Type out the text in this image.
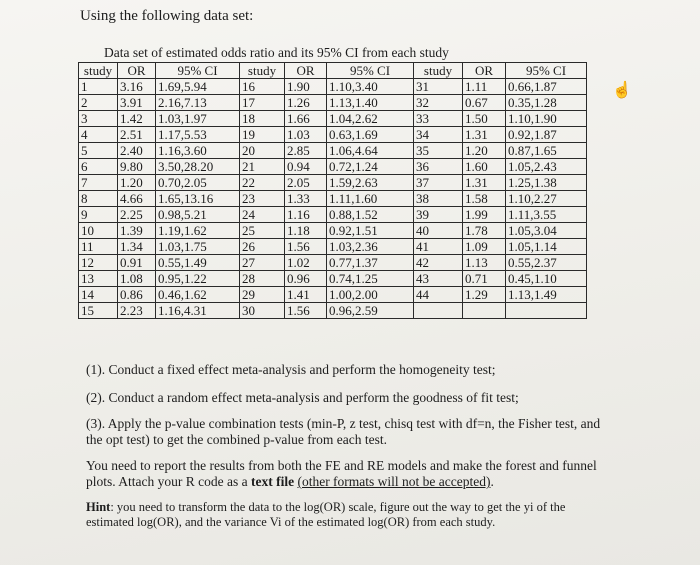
Using the following data set:
Data set of estimated odds ratio and its 95% CI from each study
study	OR	95% CI	study	OR	95% CI	study	OR	95% CI
1	3.16	1.69,5.94	16	1.90	1.10,3.40	31	1.11	0.66,1.87
2	3.91	2.16,7.13	17	1.26	1.13,1.40	32	0.67	0.35,1.28
3	1.42	1.03,1.97	18	1.66	1.04,2.62	33	1.50	1.10,1.90
4	2.51	1.17,5.53	19	1.03	0.63,1.69	34	1.31	0.92,1.87
5	2.40	1.16,3.60	20	2.85	1.06,4.64	35	1.20	0.87,1.65
6	9.80	3.50,28.20	21	0.94	0.72,1.24	36	1.60	1.05,2.43
7	1.20	0.70,2.05	22	2.05	1.59,2.63	37	1.31	1.25,1.38
8	4.66	1.65,13.16	23	1.33	1.11,1.60	38	1.58	1.10,2.27
9	2.25	0.98,5.21	24	1.16	0.88,1.52	39	1.99	1.11,3.55
10	1.39	1.19,1.62	25	1.18	0.92,1.51	40	1.78	1.05,3.04
11	1.34	1.03,1.75	26	1.56	1.03,2.36	41	1.09	1.05,1.14
12	0.91	0.55,1.49	27	1.02	0.77,1.37	42	1.13	0.55,2.37
13	1.08	0.95,1.22	28	0.96	0.74,1.25	43	0.71	0.45,1.10
14	0.86	0.46,1.62	29	1.41	1.00,2.00	44	1.29	1.13,1.49
15	2.23	1.16,4.31	30	1.56	0.96,2.59			
☝

(1). Conduct a fixed effect meta-analysis and perform the homogeneity test;

(2). Conduct a random effect meta-analysis and perform the goodness of fit test;

(3). Apply the p-value combination tests (min-P, z test, chisq test with df=n, the Fisher test, and the opt test) to get the combined p-value from each test.

You need to report the results from both the FE and RE models and make the forest and funnel plots. Attach your R code as a text file (other formats will not be accepted).

Hint: you need to transform the data to the log(OR) scale, figure out the way to get the yi of the estimated log(OR), and the variance Vi of the estimated log(OR) from each study.
